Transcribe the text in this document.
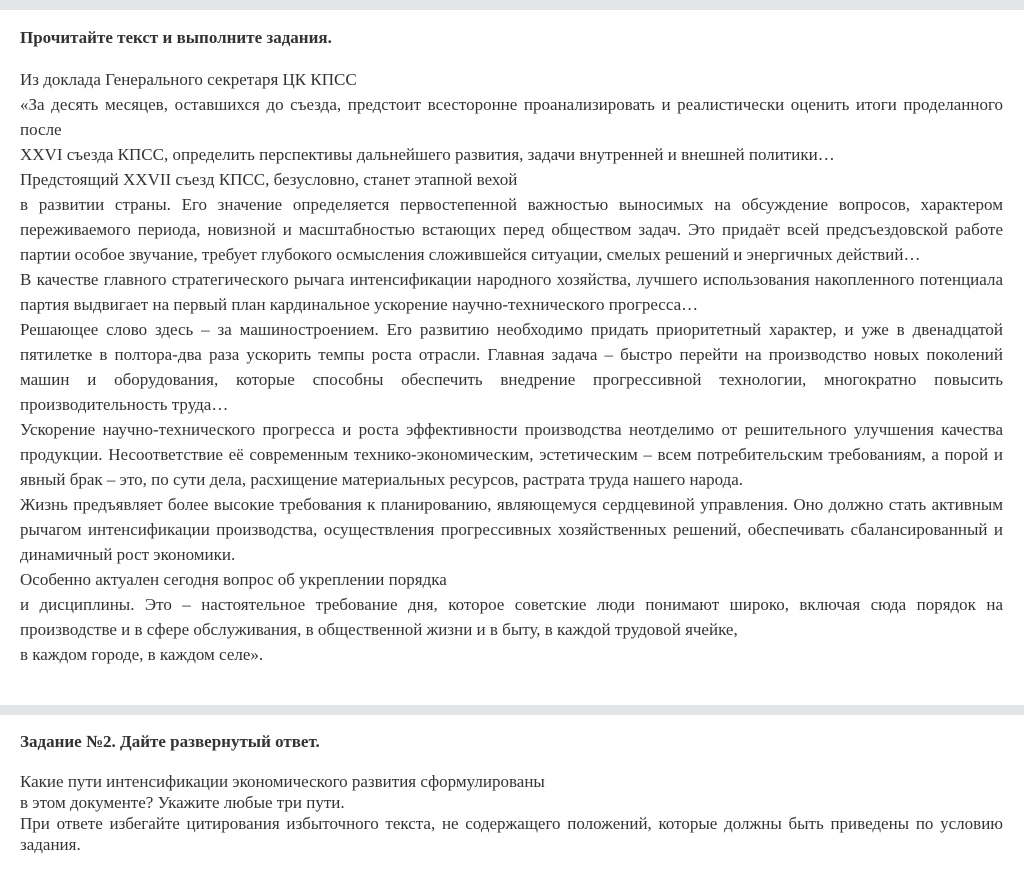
Прочитайте текст и выполните задания.

Из доклада Генерального секретаря ЦК КПСС

«За десять месяцев, оставшихся до съезда, предстоит всесторонне проанализировать и реалистически оценить итоги проделанного после

XXVI съезда КПСС, определить перспективы дальнейшего развития, задачи внутренней и внешней политики…

Предстоящий XXVII съезд КПСС, безусловно, станет этапной вехой

в развитии страны. Его значение определяется первостепенной важностью выносимых на обсуждение вопросов, характером переживаемого периода, новизной и масштабностью встающих перед обществом задач. Это придаёт всей предсъездовской работе партии особое звучание, требует глубокого осмысления сложившейся ситуации, смелых решений и энергичных действий…

В качестве главного стратегического рычага интенсификации народного хозяйства, лучшего использования накопленного потенциала партия выдвигает на первый план кардинальное ускорение научно-технического прогресса…

Решающее слово здесь – за машиностроением. Его развитию необходимо придать приоритетный характер, и уже в двенадцатой пятилетке в полтора-два раза ускорить темпы роста отрасли. Главная задача – быстро перейти на производство новых поколений машин и оборудования, которые способны обеспечить внедрение прогрессивной технологии, многократно повысить производительность труда…

Ускорение научно-технического прогресса и роста эффективности производства неотделимо от решительного улучшения качества продукции. Несоответствие её современным технико-экономическим, эстетическим – всем потребительским требованиям, а порой и явный брак – это, по сути дела, расхищение материальных ресурсов, растрата труда нашего народа.

Жизнь предъявляет более высокие требования к планированию, являющемуся сердцевиной управления. Оно должно стать активным рычагом интенсификации производства, осуществления прогрессивных хозяйственных решений, обеспечивать сбалансированный и динамичный рост экономики.

Особенно актуален сегодня вопрос об укреплении порядка

и дисциплины. Это – настоятельное требование дня, которое советские люди понимают широко, включая сюда порядок на производстве и в сфере обслуживания, в общественной жизни и в быту, в каждой трудовой ячейке,

в каждом городе, в каждом селе».

Задание №2. Дайте развернутый ответ.

Какие пути интенсификации экономического развития сформулированы

в этом документе? Укажите любые три пути.

При ответе избегайте цитирования избыточного текста, не содержащего положений, которые должны быть приведены по условию задания.
